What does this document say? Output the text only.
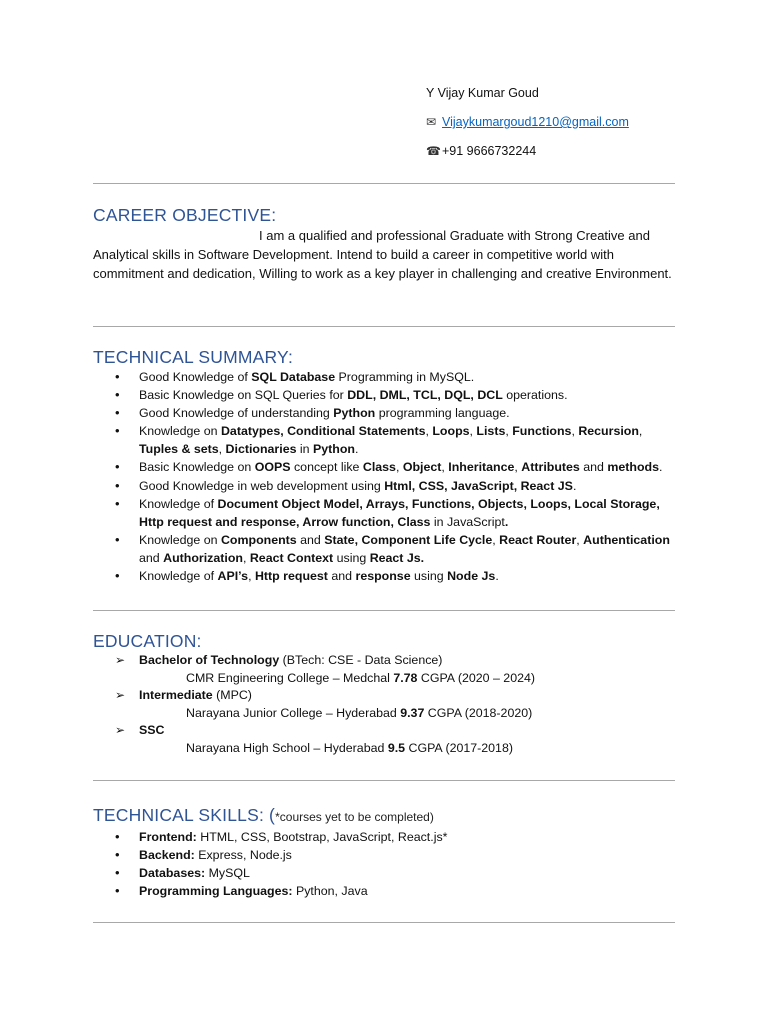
Y Vijay Kumar Goud
✉ Vijaykumargoud1210@gmail.com
☎+91 9666732244
CAREER OBJECTIVE:

I am a qualified and professional Graduate with Strong Creative and Analytical skills in Software Development. Intend to build a career in competitive world with commitment and dedication, Willing to work as a key player in challenging and creative Environment.

TECHNICAL SUMMARY:
• Good Knowledge of SQL Database Programming in MySQL.
• Basic Knowledge on SQL Queries for DDL, DML, TCL, DQL, DCL operations.
• Good Knowledge of understanding Python programming language.
• Knowledge on Datatypes, Conditional Statements, Loops, Lists, Functions, Recursion, Tuples & sets, Dictionaries in Python.
• Basic Knowledge on OOPS concept like Class, Object, Inheritance, Attributes and methods.
• Good Knowledge in web development using Html, CSS, JavaScript, React JS.
• Knowledge of Document Object Model, Arrays, Functions, Objects, Loops, Local Storage, Http request and response, Arrow function, Class in JavaScript.
• Knowledge on Components and State, Component Life Cycle, React Router, Authentication and Authorization, React Context using React Js.
• Knowledge of API’s, Http request and response using Node Js.
EDUCATION:
➢ Bachelor of Technology (BTech: CSE - Data Science)
CMR Engineering College – Medchal 7.78 CGPA (2020 – 2024)
➢ Intermediate (MPC)
Narayana Junior College – Hyderabad 9.37 CGPA (2018-2020)
➢ SSC
Narayana High School – Hyderabad 9.5 CGPA (2017-2018)
TECHNICAL SKILLS: (*courses yet to be completed)
• Frontend: HTML, CSS, Bootstrap, JavaScript, React.js*
• Backend: Express, Node.js
• Databases: MySQL
• Programming Languages: Python, Java
